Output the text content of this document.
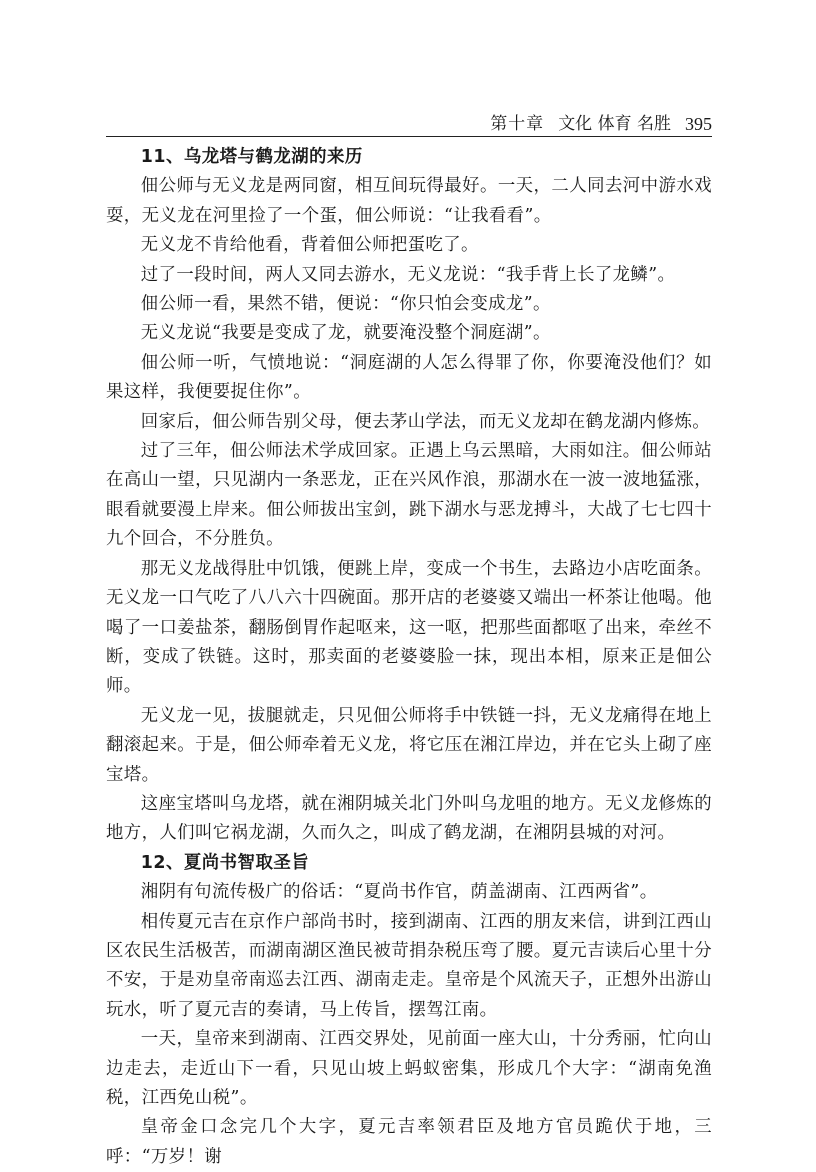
第十章 文化 体育 名胜 395
11、乌龙塔与鹤龙湖的来历

佃公师与无义龙是两同窗，相互间玩得最好。一天，二人同去河中游水戏耍，无义龙在河里捡了一个蛋，佃公师说：“让我看看”。

无义龙不肯给他看，背着佃公师把蛋吃了。

过了一段时间，两人又同去游水，无义龙说：“我手背上长了龙鳞”。

佃公师一看，果然不错，便说：“你只怕会变成龙”。

无义龙说“我要是变成了龙，就要淹没整个洞庭湖”。

佃公师一听，气愤地说：“洞庭湖的人怎么得罪了你，你要淹没他们？如果这样，我便要捉住你”。

回家后，佃公师告别父母，便去茅山学法，而无义龙却在鹤龙湖内修炼。

过了三年，佃公师法术学成回家。正遇上乌云黑暗，大雨如注。佃公师站在高山一望，只见湖内一条恶龙，正在兴风作浪，那湖水在一波一波地猛涨，眼看就要漫上岸来。佃公师拔出宝剑，跳下湖水与恶龙搏斗，大战了七七四十九个回合，不分胜负。

那无义龙战得肚中饥饿，便跳上岸，变成一个书生，去路边小店吃面条。无义龙一口气吃了八八六十四碗面。那开店的老婆婆又端出一杯茶让他喝。他喝了一口姜盐茶，翻肠倒胃作起呕来，这一呕，把那些面都呕了出来，牵丝不断，变成了铁链。这时，那卖面的老婆婆脸一抹，现出本相，原来正是佃公师。

无义龙一见，拔腿就走，只见佃公师将手中铁链一抖，无义龙痛得在地上翻滚起来。于是，佃公师牵着无义龙，将它压在湘江岸边，并在它头上砌了座宝塔。

这座宝塔叫乌龙塔，就在湘阴城关北门外叫乌龙咀的地方。无义龙修炼的地方，人们叫它祸龙湖，久而久之，叫成了鹤龙湖，在湘阴县城的对河。

12、夏尚书智取圣旨

湘阴有句流传极广的俗话：“夏尚书作官，荫盖湖南、江西两省”。

相传夏元吉在京作户部尚书时，接到湖南、江西的朋友来信，讲到江西山区农民生活极苦，而湖南湖区渔民被苛捐杂税压弯了腰。夏元吉读后心里十分不安，于是劝皇帝南巡去江西、湖南走走。皇帝是个风流天子，正想外出游山玩水，听了夏元吉的奏请，马上传旨，摆驾江南。

一天，皇帝来到湖南、江西交界处，见前面一座大山，十分秀丽，忙向山边走去，走近山下一看，只见山坡上蚂蚁密集，形成几个大字：“湖南免渔税，江西免山税”。

皇帝金口念完几个大字，夏元吉率领君臣及地方官员跪伏于地，三呼：“万岁！谢
